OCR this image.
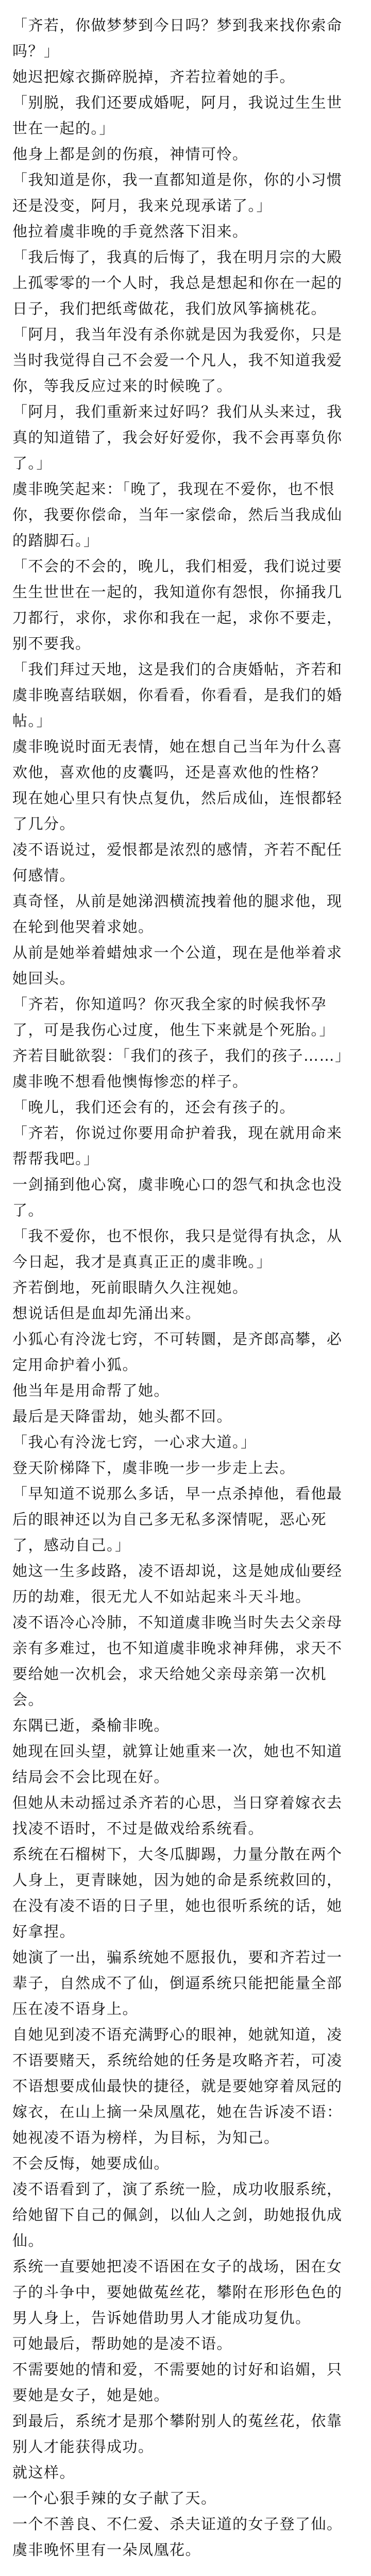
「齐若，你做梦梦到今日吗？梦到我来找你索命吗？」

她迟把嫁衣撕碎脱掉，齐若拉着她的手。

「别脱，我们还要成婚呢，阿月，我说过生生世世在一起的。」

他身上都是剑的伤痕，神情可怜。

「我知道是你，我一直都知道是你，你的小习惯还是没变，阿月，我来兑现承诺了。」

他拉着虞非晚的手竟然落下泪来。

「我后悔了，我真的后悔了，我在明月宗的大殿上孤零零的一个人时，我总是想起和你在一起的日子，我们把纸鸢做花，我们放风筝摘桃花。

「阿月，我当年没有杀你就是因为我爱你，只是当时我觉得自己不会爱一个凡人，我不知道我爱你，等我反应过来的时候晚了。

「阿月，我们重新来过好吗？我们从头来过，我真的知道错了，我会好好爱你，我不会再辜负你了。」

虞非晚笑起来：「晚了，我现在不爱你，也不恨你，我要你偿命，当年一家偿命，然后当我成仙的踏脚石。」

「不会的不会的，晚儿，我们相爱，我们说过要生生世世在一起的，我知道你有怨恨，你捅我几刀都行，求你，求你和我在一起，求你不要走，别不要我。

「我们拜过天地，这是我们的合庚婚帖，齐若和虞非晚喜结联姻，你看看，你看看，是我们的婚帖。」

虞非晚说时面无表情，她在想自己当年为什么喜欢他，喜欢他的皮囊吗，还是喜欢他的性格？

现在她心里只有快点复仇，然后成仙，连恨都轻了几分。

凌不语说过，爱恨都是浓烈的感情，齐若不配任何感情。

真奇怪，从前是她涕泗横流拽着他的腿求他，现在轮到他哭着求她。

从前是她举着蜡烛求一个公道，现在是他举着求她回头。

「齐若，你知道吗？你灭我全家的时候我怀孕了，可是我伤心过度，他生下来就是个死胎。」

齐若目眦欲裂：「我们的孩子，我们的孩子……」

虞非晚不想看他懊悔惨恋的样子。

「晚儿，我们还会有的，还会有孩子的。

「齐若，你说过你要用命护着我，现在就用命来帮帮我吧。」

一剑捅到他心窝，虞非晚心口的怨气和执念也没了。

「我不爱你，也不恨你，我只是觉得有执念，从今日起，我才是真真正正的虞非晚。」

齐若倒地，死前眼睛久久注视她。

想说话但是血却先涌出来。

小狐心有泠泷七窍，不可转圜，是齐郎高攀，必定用命护着小狐。

他当年是用命帮了她。

最后是天降雷劫，她头都不回。

「我心有泠泷七窍，一心求大道。」

登天阶梯降下，虞非晚一步一步走上去。

「早知道不说那么多话，早一点杀掉他，看他最后的眼神还以为自己多无私多深情呢，恶心死了，感动自己。」

她这一生多歧路，凌不语却说，这是她成仙要经历的劫难，很无尤人不如站起来斗天斗地。

凌不语冷心冷肺，不知道虞非晚当时失去父亲母亲有多难过，也不知道虞非晚求神拜佛，求天不要给她一次机会，求天给她父亲母亲第一次机会。

东隅已逝，桑榆非晚。

她现在回头望，就算让她重来一次，她也不知道结局会不会比现在好。

但她从未动摇过杀齐若的心思，当日穿着嫁衣去找凌不语时，不过是做戏给系统看。

系统在石榴树下，大冬瓜脚踢，力量分散在两个人身上，更青睐她，因为她的命是系统救回的，在没有凌不语的日子里，她也很听系统的话，她好拿捏。

她演了一出，骗系统她不愿报仇，要和齐若过一辈子，自然成不了仙，倒逼系统只能把能量全部压在凌不语身上。

自她见到凌不语充满野心的眼神，她就知道，凌不语要赌天，系统给她的任务是攻略齐若，可凌不语想要成仙最快的捷径，就是要她穿着凤冠的嫁衣，在山上摘一朵凤凰花，她在告诉凌不语：

她视凌不语为榜样，为目标，为知己。

不会反悔，她要成仙。

凌不语看到了，演了系统一脸，成功收服系统，给她留下自己的佩剑，以仙人之剑，助她报仇成仙。

系统一直要她把凌不语困在女子的战场，困在女子的斗争中，要她做菟丝花，攀附在形形色色的男人身上，告诉她借助男人才能成功复仇。

可她最后，帮助她的是凌不语。

不需要她的情和爱，不需要她的讨好和谄媚，只要她是女子，她是她。

到最后，系统才是那个攀附别人的菟丝花，依靠别人才能获得成功。

就这样。

一个心狠手辣的女子献了天。

一个不善良、不仁爱、杀夫证道的女子登了仙。

虞非晚怀里有一朵凤凰花。
